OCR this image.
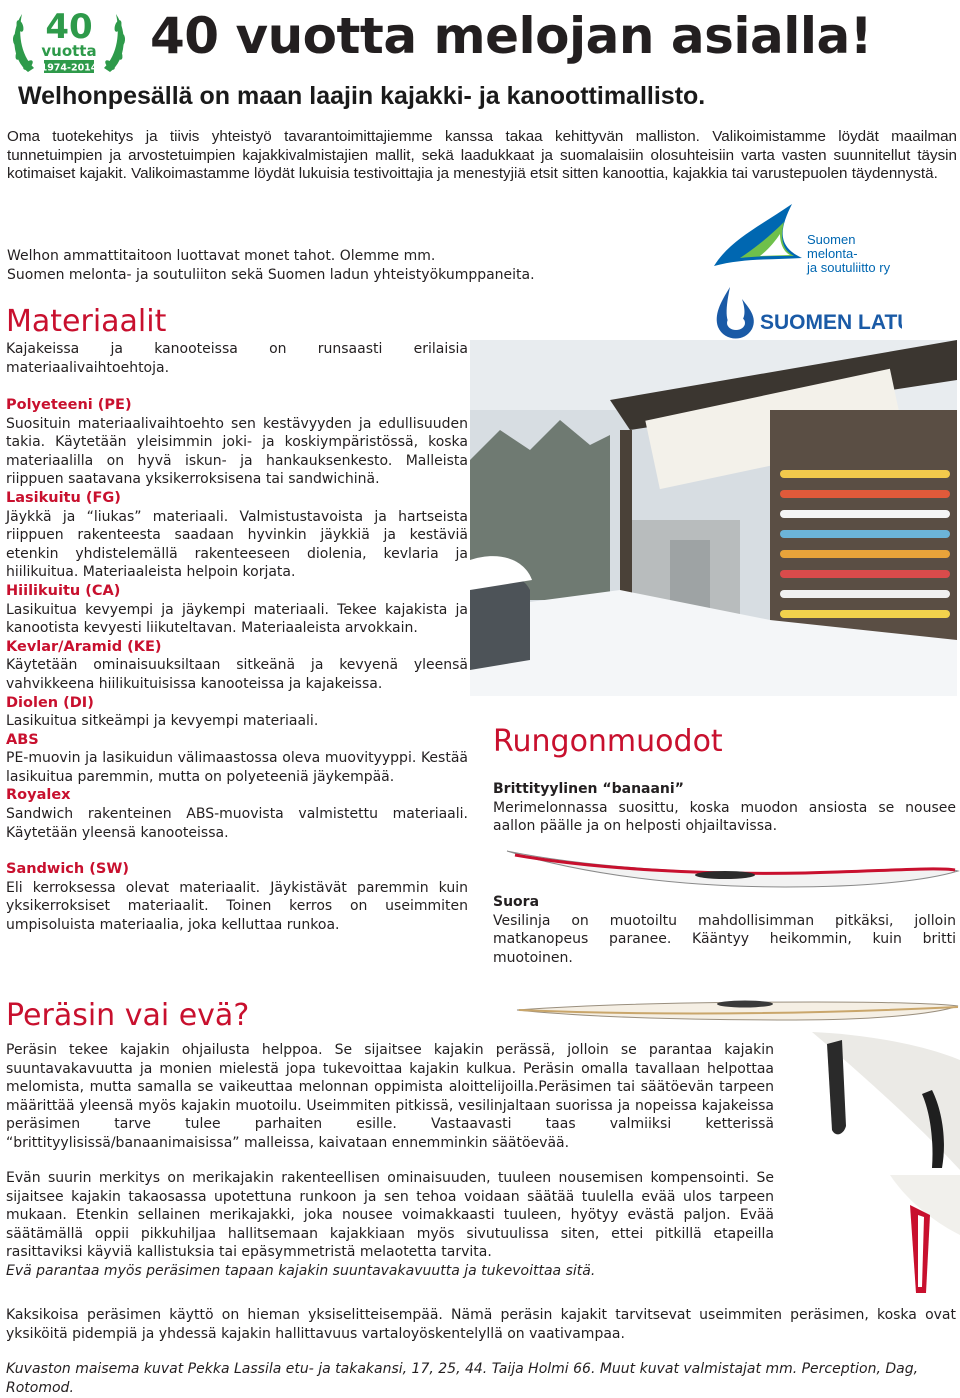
40
vuotta
1974-2014
40 vuotta melojan asialla!
Welhonpesällä on maan laajin kajakki- ja kanoottimallisto.

Oma tuotekehitys ja tiivis yhteistyö tavarantoimittajiemme kanssa takaa kehittyvän malliston. Valikoimistamme löydät maailman tunnetuimpien ja arvostetuimpien kajakkivalmistajien mallit, sekä laadukkaat ja suomalaisiin olosuhteisiin varta vasten suunnitellut täysin kotimaiset kajakit. Valikoimastamme löydät lukuisia testivoittajia ja menestyjiä etsit sitten kanoottia, kajakkia tai varustepuolen täydennystä.

Welhon ammattitaitoon luottavat monet tahot. Olemme mm.

Suomen melonta- ja soutuliiton sekä Suomen ladun yhteistyökumppaneita.

Suomen
melonta-
ja soutuliitto ry
SUOMEN LATU
Materiaalit

Kajakeissa ja kanooteissa on runsaasti erilaisia materiaalivaihtoehtoja.

Polyeteeni (PE)

Suosituin materiaalivaihtoehto sen kestävyyden ja edullisuuden takia. Käytetään yleisimmin joki- ja koskiympäristössä, koska materiaalilla on hyvä iskun- ja hankauksenkesto. Malleista riippuen saatavana yksikerroksisena tai sandwichinä.

Lasikuitu (FG)

Jäykkä ja “liukas” materiaali. Valmistustavoista ja hartseista riippuen rakenteesta saadaan hyvinkin jäykkiä ja kestäviä etenkin yhdistelemällä rakenteeseen diolenia, kevlaria ja hiilikuitua. Materiaaleista helpoin korjata.

Hiilikuitu (CA)

Lasikuitua kevyempi ja jäykempi materiaali. Tekee kajakista ja kanootista kevyesti liikuteltavan. Materiaaleista arvokkain.

Kevlar/Aramid (KE)

Käytetään ominaisuuksiltaan sitkeänä ja kevyenä yleensä vahvikkeena hiilikuituisissa kanooteissa ja kajakeissa.

Diolen (DI)

Lasikuitua sitkeämpi ja kevyempi materiaali.

ABS

PE-muovin ja lasikuidun välimaastossa oleva muovityyppi. Kestää lasikuitua paremmin, mutta on polyeteeniä jäykempää.

Royalex

Sandwich rakenteinen ABS-muovista valmistettu materiaali. Käytetään yleensä kanooteissa.

Sandwich (SW)

Eli kerroksessa olevat materiaalit. Jäykistävät paremmin kuin yksikerroksiset materiaalit. Toinen kerros on useimmiten umpisoluista materiaalia, joka kelluttaa runkoa.

Rungonmuodot

Brittityylinen “banaani”

Merimelonnassa suosittu, koska muodon ansiosta se nousee aallon päälle ja on helposti ohjailtavissa.

Suora

Vesilinja on muotoiltu mahdollisimman pitkäksi, jolloin matkanopeus paranee. Kääntyy heikommin, kuin britti muotoinen.

Peräsin vai evä?

Peräsin tekee kajakin ohjailusta helppoa. Se sijaitsee kajakin perässä, jolloin se parantaa kajakin suuntavakavuutta ja monien mielestä jopa tukevoittaa kajakin kulkua. Peräsin omalla tavallaan helpottaa melomista, mutta samalla se vaikeuttaa melonnan oppimista aloittelijoilla.Peräsimen tai säätöevän tarpeen määrittää yleensä myös kajakin muotoilu. Useimmiten pitkissä, vesilinjaltaan suorissa ja nopeissa kajakeissa peräsimen tarve tulee parhaiten esille. Vastaavasti taas valmiiksi ketterissä “brittityylisissä/banaanimaisissa” malleissa, kaivataan ennemminkin säätöevää.

Evän suurin merkitys on merikajakin rakenteellisen ominaisuuden, tuuleen nousemisen kompensointi. Se sijaitsee kajakin takaosassa upotettuna runkoon ja sen tehoa voidaan säätää tuulella evää ulos tarpeen mukaan. Etenkin sellainen merikajakki, joka nousee voimakkaasti tuuleen, hyötyy evästä paljon. Evää säätämällä oppii pikkuhiljaa hallitsemaan kajakkiaan myös sivutuulissa siten, ettei pitkillä etapeilla rasittaviksi käyviä kallistuksia tai epäsymmetristä melaotetta tarvita.

Evä parantaa myös peräsimen tapaan kajakin suuntavakavuutta ja tukevoittaa sitä.

Kaksikoisa peräsimen käyttö on hieman yksiselitteisempää. Nämä peräsin kajakit tarvitsevat useimmiten peräsimen, koska ovat yksiköitä pidempiä ja yhdessä kajakin hallittavuus vartaloyöskentelyllä on vaativampaa.

Kuvaston maisema kuvat Pekka Lassila etu- ja takakansi, 17, 25, 44. Taija Holmi 66. Muut kuvat valmistajat mm. Perception, Dag, Rotomod.
